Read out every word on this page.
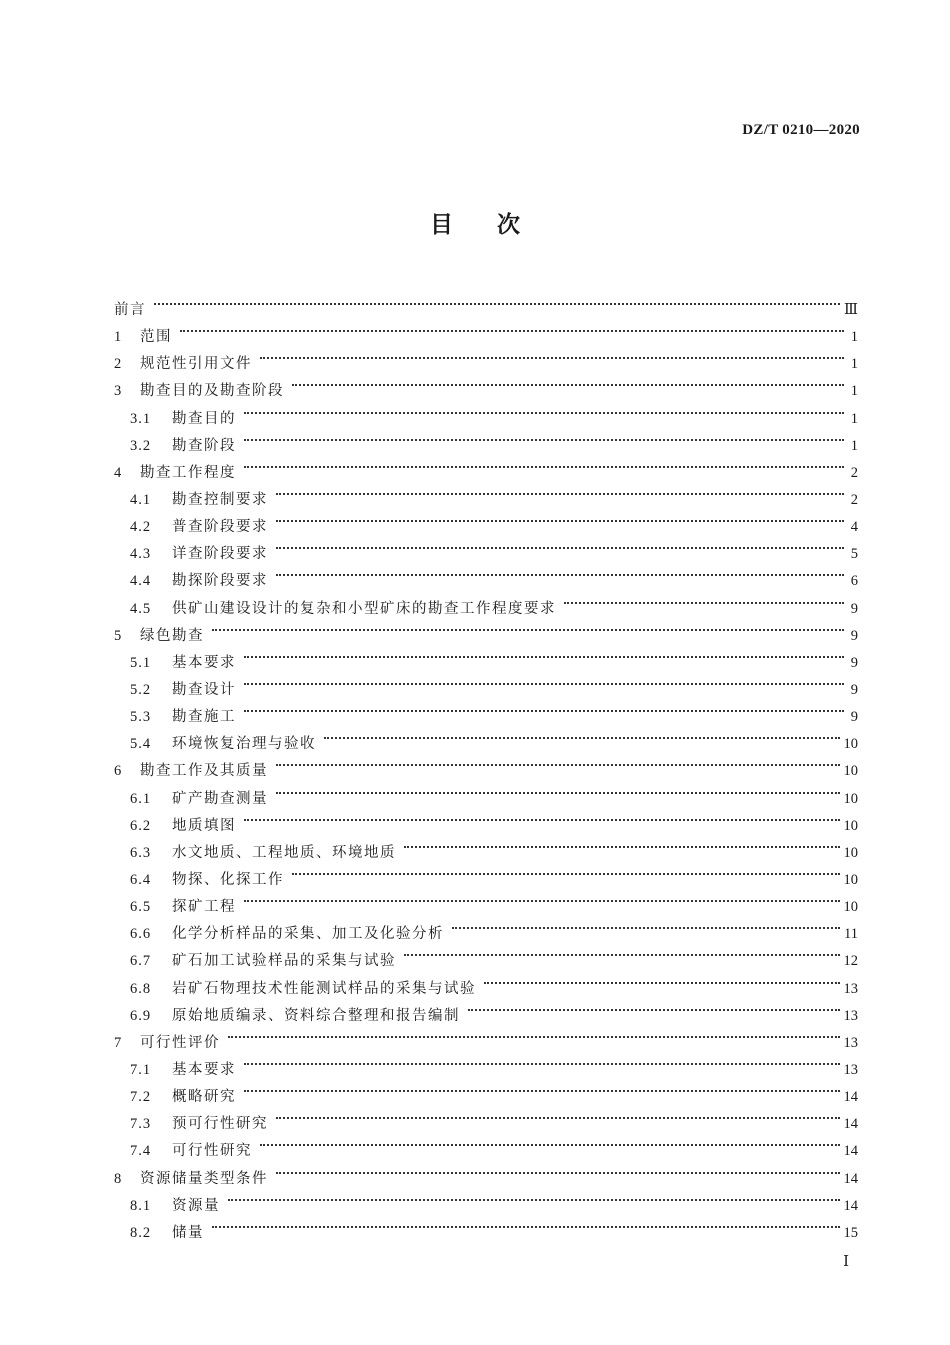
DZ/T 0210—2020
目次
前言	Ⅲ
1	范围	1
2	规范性引用文件	1
3	勘查目的及勘查阶段	1
3.1	勘查目的	1
3.2	勘查阶段	1
4	勘查工作程度	2
4.1	勘查控制要求	2
4.2	普查阶段要求	4
4.3	详查阶段要求	5
4.4	勘探阶段要求	6
4.5	供矿山建设设计的复杂和小型矿床的勘查工作程度要求	9
5	绿色勘查	9
5.1	基本要求	9
5.2	勘查设计	9
5.3	勘查施工	9
5.4	环境恢复治理与验收	10
6	勘查工作及其质量	10
6.1	矿产勘查测量	10
6.2	地质填图	10
6.3	水文地质、工程地质、环境地质	10
6.4	物探、化探工作	10
6.5	探矿工程	10
6.6	化学分析样品的采集、加工及化验分析	11
6.7	矿石加工试验样品的采集与试验	12
6.8	岩矿石物理技术性能测试样品的采集与试验	13
6.9	原始地质编录、资料综合整理和报告编制	13
7	可行性评价	13
7.1	基本要求	13
7.2	概略研究	14
7.3	预可行性研究	14
7.4	可行性研究	14
8	资源储量类型条件	14
8.1	资源量	14
8.2	储量	15
Ⅰ
